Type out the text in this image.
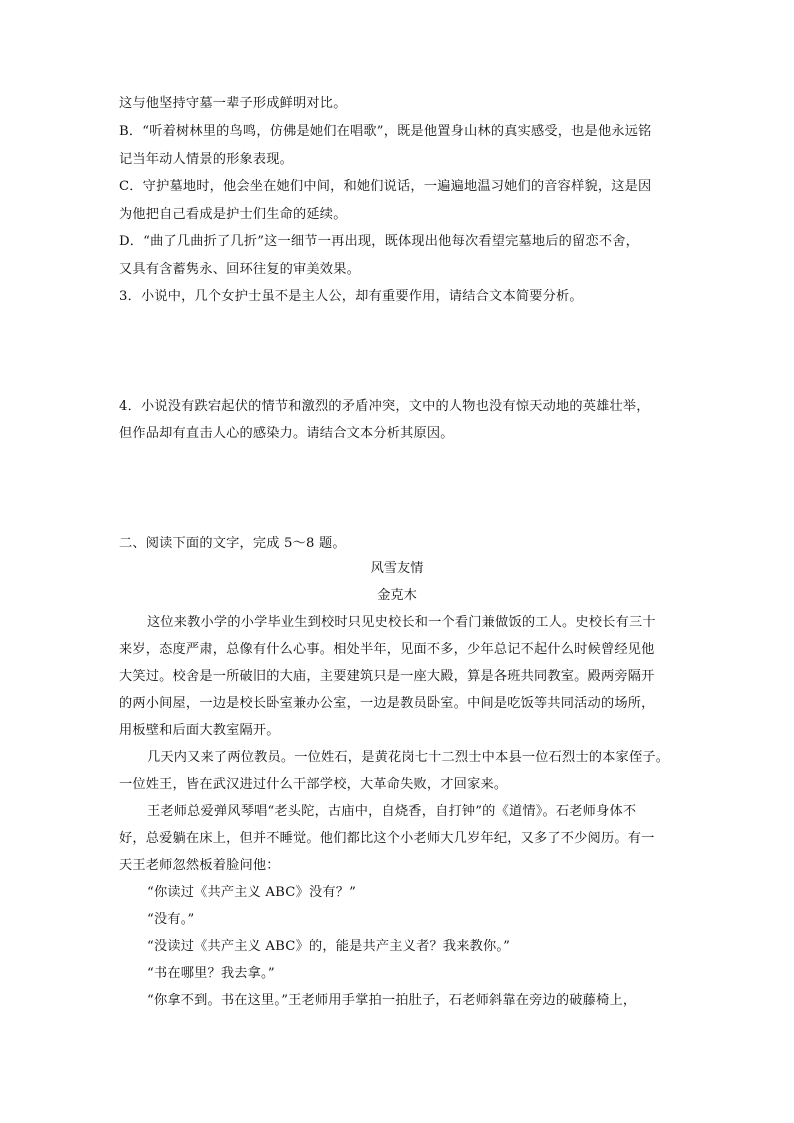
这与他坚持守墓一辈子形成鲜明对比。
B．“听着树林里的鸟鸣，仿佛是她们在唱歌”，既是他置身山林的真实感受，也是他永远铭
记当年动人情景的形象表现。
C．守护墓地时，他会坐在她们中间，和她们说话，一遍遍地温习她们的音容样貌，这是因
为他把自己看成是护士们生命的延续。
D．“曲了几曲折了几折”这一细节一再出现，既体现出他每次看望完墓地后的留恋不舍，
又具有含蓄隽永、回环往复的审美效果。
3．小说中，几个女护士虽不是主人公，却有重要作用，请结合文本简要分析。
4．小说没有跌宕起伏的情节和激烈的矛盾冲突，文中的人物也没有惊天动地的英雄壮举，
但作品却有直击人心的感染力。请结合文本分析其原因。
二、阅读下面的文字，完成 5～8 题。
风雪友情
金克木
这位来教小学的小学毕业生到校时只见史校长和一个看门兼做饭的工人。史校长有三十
来岁，态度严肃，总像有什么心事。相处半年，见面不多，少年总记不起什么时候曾经见他
大笑过。校舍是一所破旧的大庙，主要建筑只是一座大殿，算是各班共同教室。殿两旁隔开
的两小间屋，一边是校长卧室兼办公室，一边是教员卧室。中间是吃饭等共同活动的场所，
用板壁和后面大教室隔开。
几天内又来了两位教员。一位姓石，是黄花岗七十二烈士中本县一位石烈士的本家侄子。
一位姓王，皆在武汉进过什么干部学校，大革命失败，才回家来。
王老师总爱弹风琴唱“老头陀，古庙中，自烧香，自打钟”的《道情》。石老师身体不
好，总爱躺在床上，但并不睡觉。他们都比这个小老师大几岁年纪，又多了不少阅历。有一
天王老师忽然板着脸问他：
“你读过《共产主义 ABC》没有？”
“没有。”
“没读过《共产主义 ABC》的，能是共产主义者？我来教你。”
“书在哪里？我去拿。”
“你拿不到。书在这里。”王老师用手掌拍一拍肚子，石老师斜靠在旁边的破藤椅上，
